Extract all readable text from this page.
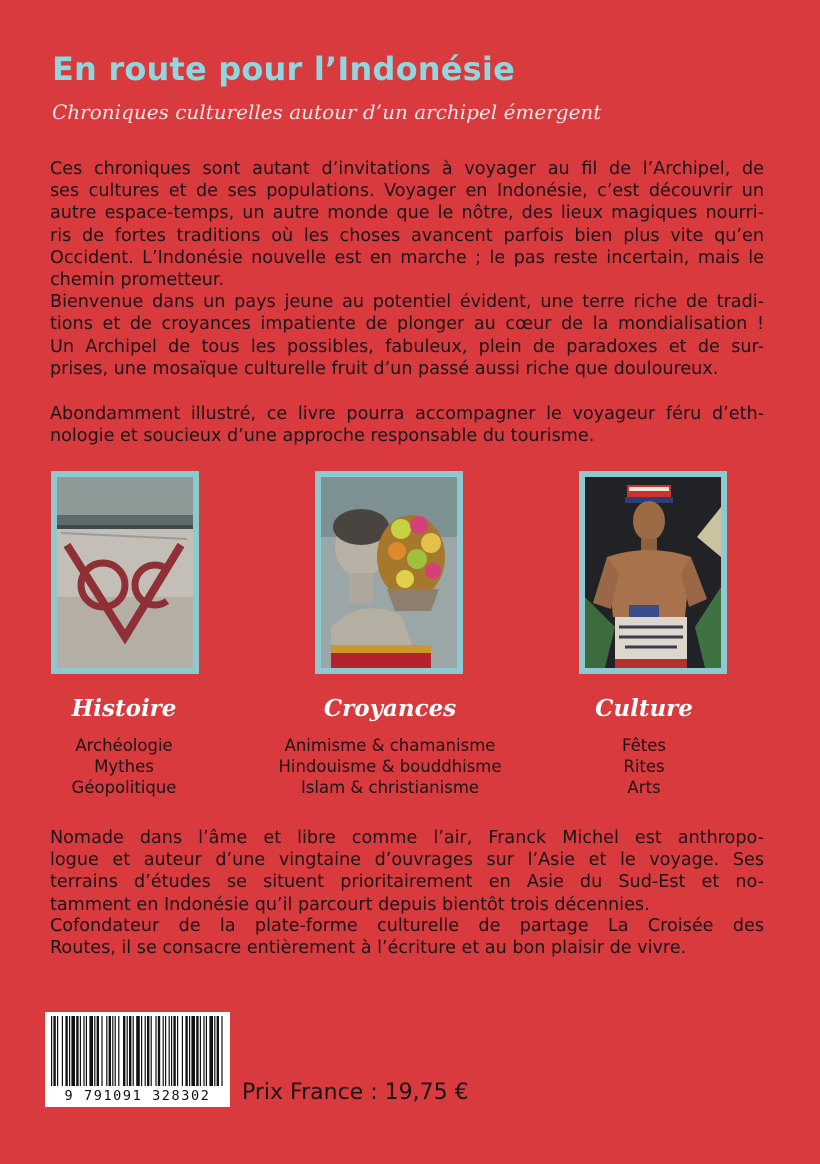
En route pour l’Indonésie
Chroniques culturelles autour d’un archipel émergent
Ces chroniques sont autant d’invitations à voyager au fil de l’Archipel, de
ses cultures et de ses populations. Voyager en Indonésie, c’est découvrir un
autre espace-temps, un autre monde que le nôtre, des lieux magiques nourri-
ris de fortes traditions où les choses avancent parfois bien plus vite qu’en
Occident. L’Indonésie nouvelle est en marche ; le pas reste incertain, mais le
chemin prometteur.
Bienvenue dans un pays jeune au potentiel évident, une terre riche de tradi-
tions et de croyances impatiente de plonger au cœur de la mondialisation !
Un Archipel de tous les possibles, fabuleux, plein de paradoxes et de sur-
prises, une mosaïque culturelle fruit d’un passé aussi riche que douloureux.
Abondamment illustré, ce livre pourra accompagner le voyageur féru d’eth-
nologie et soucieux d’une approche responsable du tourisme.
Histoire
Archéologie
Mythes
Géopolitique
Croyances
Animisme & chamanisme
Hindouisme & bouddhisme
Islam & christianisme
Culture
Fêtes
Rites
Arts
Nomade dans l’âme et libre comme l’air, Franck Michel est anthropo-
logue et auteur d’une vingtaine d’ouvrages sur l’Asie et le voyage. Ses
terrains d’études se situent prioritairement en Asie du Sud-Est et no-
tamment en Indonésie qu’il parcourt depuis bientôt trois décennies.
Cofondateur de la plate-forme culturelle de partage La Croisée des
Routes, il se consacre entièrement à l’écriture et au bon plaisir de vivre.
9 791091 328302	Prix France : 19,75 €
